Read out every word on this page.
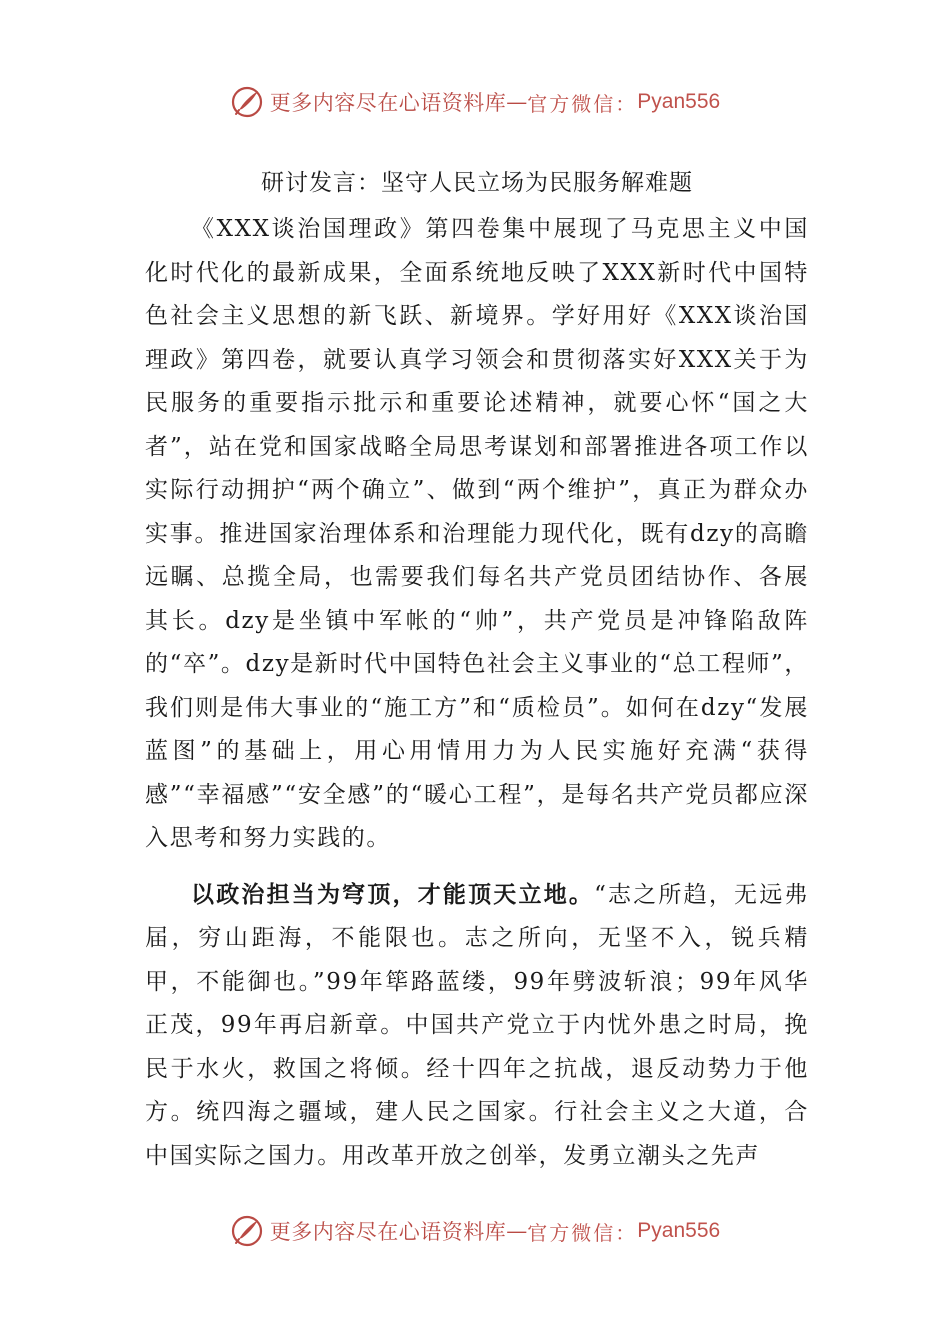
更多内容尽在心语资料库 — 官方微信： Pyan556
研讨发言：坚守人民立场为民服务解难题

《XXX谈治国理政》第四卷集中展现了马克思主义中国化时代化的最新成果，全面系统地反映了XXX新时代中国特色社会主义思想的新飞跃、新境界。学好用好《XXX谈治国理政》第四卷，就要认真学习领会和贯彻落实好XXX关于为民服务的重要指示批示和重要论述精神，就要心怀“国之大者”，站在党和国家战略全局思考谋划和部署推进各项工作以实际行动拥护“两个确立”、做到“两个维护”，真正为群众办实事。推进国家治理体系和治理能力现代化，既有dzy的高瞻远瞩、总揽全局，也需要我们每名共产党员团结协作、各展其长。dzy是坐镇中军帐的“帅”，共产党员是冲锋陷敌阵的“卒”。dzy是新时代中国特色社会主义事业的“总工程师”，我们则是伟大事业的“施工方”和“质检员”。如何在dzy“发展蓝图”的基础上，用心用情用力为人民实施好充满“获得感”“幸福感”“安全感”的“暖心工程”，是每名共产党员都应深入思考和努力实践的。

以政治担当为穹顶，才能顶天立地。“志之所趋，无远弗届，穷山距海，不能限也。志之所向，无坚不入，锐兵精甲，不能御也。”99年筚路蓝缕，99年劈波斩浪；99年风华正茂，99年再启新章。中国共产党立于内忧外患之时局，挽民于水火，救国之将倾。经十四年之抗战，退反动势力于他方。统四海之疆域，建人民之国家。行社会主义之大道，合中国实际之国力。用改革开放之创举，发勇立潮头之先声

更多内容尽在心语资料库 — 官方微信： Pyan556
